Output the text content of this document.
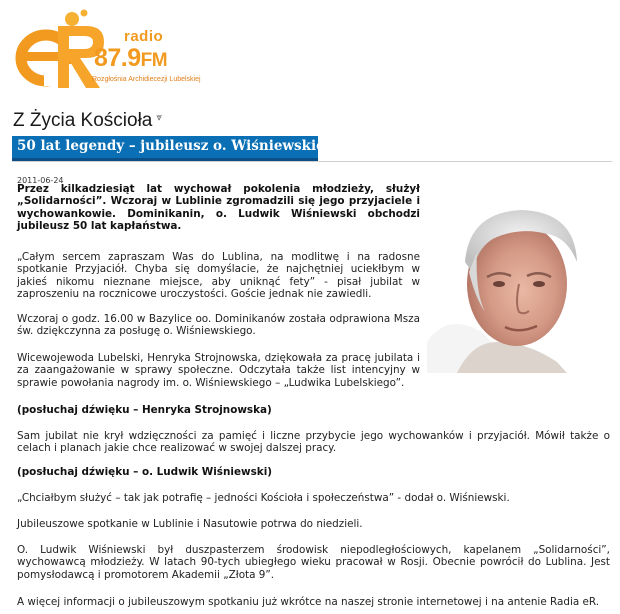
radio
87.9FM
Rozgłośnia Archidiecezji Lubelskiej
Z Życia Kościoła ⩔
50 lat legendy – jubileusz o. Wiśniewskiego
2011-06-24
Przez kilkadziesiąt lat wychował pokolenia młodzieży, służył „Solidarności”. Wczoraj w Lublinie zgromadzili się jego przyjaciele i wychowankowie. Dominikanin, o. Ludwik Wiśniewski obchodzi jubileusz 50 lat kapłaństwa.

„Całym sercem zapraszam Was do Lublina, na modlitwę i na radosne spotkanie Przyjaciół. Chyba się domyślacie, że najchętniej uciekłbym w jakieś nikomu nieznane miejsce, aby uniknąć fety” - pisał jubilat w zaproszeniu na rocznicowe uroczystości. Goście jednak nie zawiedli.

Wczoraj o godz. 16.00 w Bazylice oo. Dominikanów została odprawiona Msza św. dziękczynna za posługę o. Wiśniewskiego.

Wicewojewoda Lubelski, Henryka Strojnowska, dziękowała za pracę jubilata i za zaangażowanie w sprawy społeczne. Odczytała także list intencyjny w sprawie powołania nagrody im. o. Wiśniewskiego – „Ludwika Lubelskiego”.

(posłuchaj dźwięku – Henryka Strojnowska)

Sam jubilat nie krył wdzięczności za pamięć i liczne przybycie jego wychowanków i przyjaciół. Mówił także o celach i planach jakie chce realizować w swojej dalszej pracy.

(posłuchaj dźwięku – o. Ludwik Wiśniewski)

„Chciałbym służyć – tak jak potrafię – jedności Kościoła i społeczeństwa” - dodał o. Wiśniewski.

Jubileuszowe spotkanie w Lublinie i Nasutowie potrwa do niedzieli.

O. Ludwik Wiśniewski był duszpasterzem środowisk niepodległościowych, kapelanem „Solidarności”, wychowawcą młodzieży. W latach 90-tych ubiegłego wieku pracował w Rosji. Obecnie powrócił do Lublina. Jest pomysłodawcą i promotorem Akademii „Złota 9”.

A więcej informacji o jubileuszowym spotkaniu już wkrótce na naszej stronie internetowej i na antenie Radia eR.
